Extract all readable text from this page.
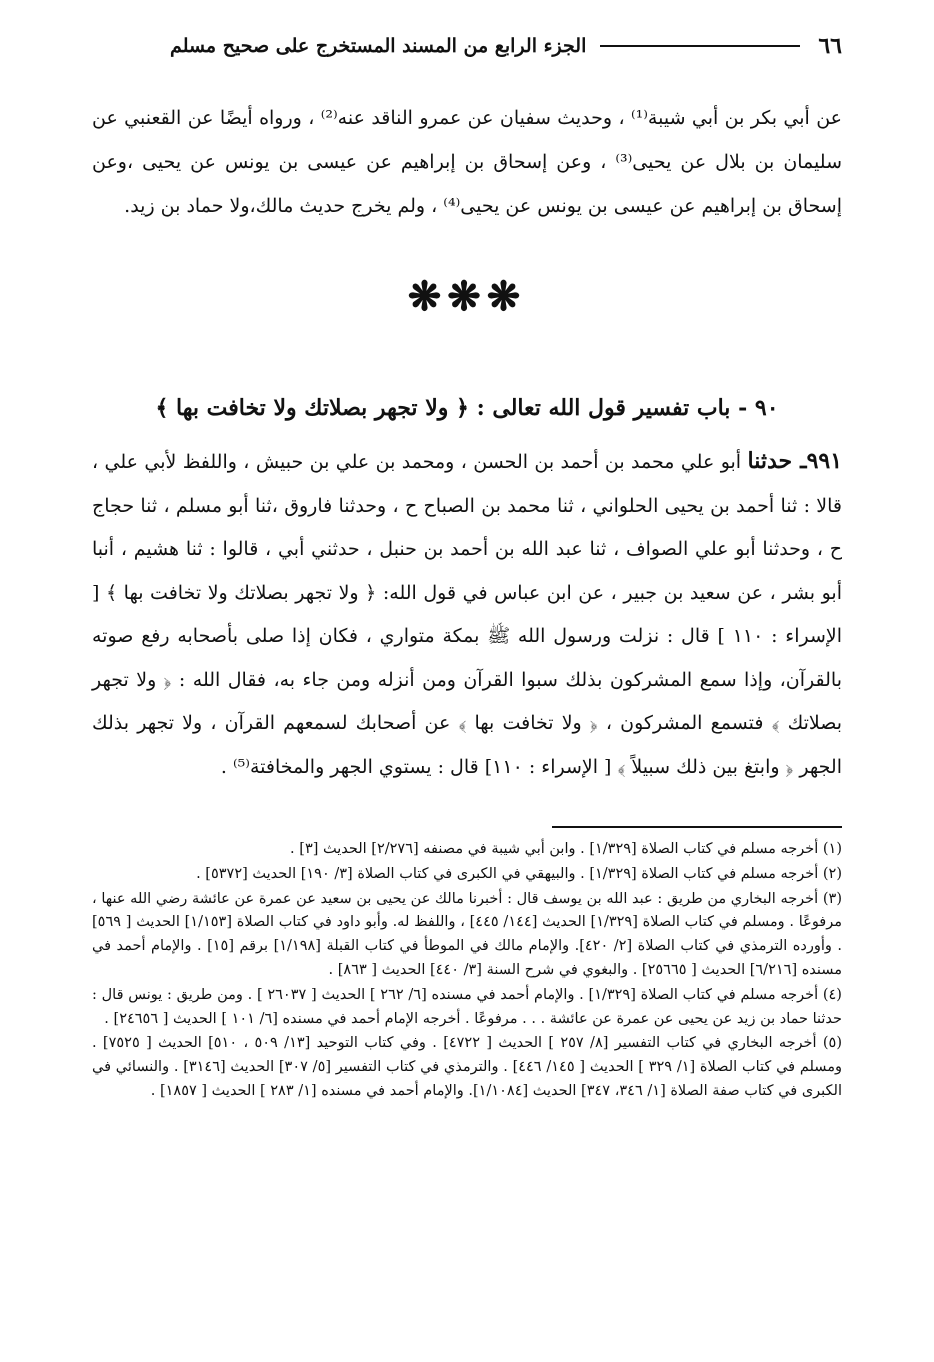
٦٦
الجزء الرابع من المسند المستخرج على صحيح مسلم

عن أبي بكر بن أبي شيبة⁽¹⁾ ، وحديث سفيان عن عمرو الناقد عنه⁽²⁾ ، ورواه أيضًا عن القعنبي عن سليمان بن بلال عن يحيى⁽³⁾ ، وعن إسحاق بن إبراهيم عن عيسى بن يونس عن يحيى ،وعن إسحاق بن إبراهيم عن عيسى بن يونس عن يحيى⁽⁴⁾ ، ولم يخرج حديث مالك،ولا حماد بن زيد.

❋❋❋
٩٠ - باب تفسير قول الله تعالى : ﴿ ولا تجهر بصلاتك ولا تخافت بها ﴾

٩٩١ـ حدثنا أبو علي محمد بن أحمد بن الحسن ، ومحمد بن علي بن حبيش ، واللفظ لأبي علي ، قالا : ثنا أحمد بن يحيى الحلواني ، ثنا محمد بن الصباح ح ، وحدثنا فاروق ،ثنا أبو مسلم ، ثنا حجاج ح ، وحدثنا أبو علي الصواف ، ثنا عبد الله بن أحمد بن حنبل ، حدثني أبي ، قالوا : ثنا هشيم ، أنبا أبو بشر ، عن سعيد بن جبير ، عن ابن عباس في قول الله: ﴿ ولا تجهر بصلاتك ولا تخافت بها ﴾ [ الإسراء : ١١٠ ] قال : نزلت ورسول الله ﷺ بمكة متواري ، فكان إذا صلى بأصحابه رفع صوته بالقرآن، وإذا سمع المشركون بذلك سبوا القرآن ومن أنزله ومن جاء به، فقال الله : ﴿ ولا تجهر بصلاتك ﴾ فتسمع المشركون ، ﴿ ولا تخافت بها ﴾ عن أصحابك لسمعهم القرآن ، ولا تجهر بذلك الجهر ﴿ وابتغ بين ذلك سبيلاً ﴾ [ الإسراء : ١١٠] قال : يستوي الجهر والمخافتة⁽⁵⁾ .

(١) أخرجه مسلم في كتاب الصلاة [١/٣٢٩] . وابن أبي شيبة في مصنفه [٢/٢٧٦] الحديث [٣] .

(٢) أخرجه مسلم في كتاب الصلاة [١/٣٢٩] . والبيهقي في الكبرى في كتاب الصلاة [٣/ ١٩٠] الحديث [٥٣٧٢] .

(٣) أخرجه البخاري من طريق : عبد الله بن يوسف قال : أخبرنا مالك عن يحيى بن سعيد عن عمرة عن عائشة رضي الله عنها ، مرفوعًا . ومسلم في كتاب الصلاة [١/٣٢٩] الحديث [١٤٤/ ٤٤٥] ، واللفظ له. وأبو داود في كتاب الصلاة [١/١٥٣] الحديث [ ٥٦٩] . وأورده الترمذي في كتاب الصلاة [٢/ ٤٢٠]. والإمام مالك في الموطأ في كتاب القبلة [١/١٩٨] برقم [١٥] . والإمام أحمد في مسنده [٦/٢١٦] الحديث [ ٢٥٦٦٥] . والبغوي في شرح السنة [٣/ ٤٤٠] الحديث [ ٨٦٣] .

(٤) أخرجه مسلم في كتاب الصلاة [١/٣٢٩] . والإمام أحمد في مسنده [٦/ ٢٦٢ ] الحديث [ ٢٦٠٣٧ ] . ومن طريق : يونس قال : حدثنا حماد بن زيد عن يحيى عن عمرة عن عائشة . . . مرفوعًا . أخرجه الإمام أحمد في مسنده [٦/ ١٠١ ] الحديث [ ٢٤٦٥٦] .

(٥) أخرجه البخاري في كتاب التفسير [٨/ ٢٥٧ ] الحديث [ ٤٧٢٢] . وفي كتاب التوحيد [١٣/ ٥٠٩ ، ٥١٠] الحديث [ ٧٥٢٥] . ومسلم في كتاب الصلاة [١/ ٣٢٩ ] الحديث [ ١٤٥/ ٤٤٦] . والترمذي في كتاب التفسير [٥/ ٣٠٧] الحديث [٣١٤٦] . والنسائي في الكبرى في كتاب صفة الصلاة [١/ ٣٤٦، ٣٤٧] الحديث [١/١٠٨٤]. والإمام أحمد في مسنده [١/ ٢٨٣ ] الحديث [ ١٨٥٧] .
